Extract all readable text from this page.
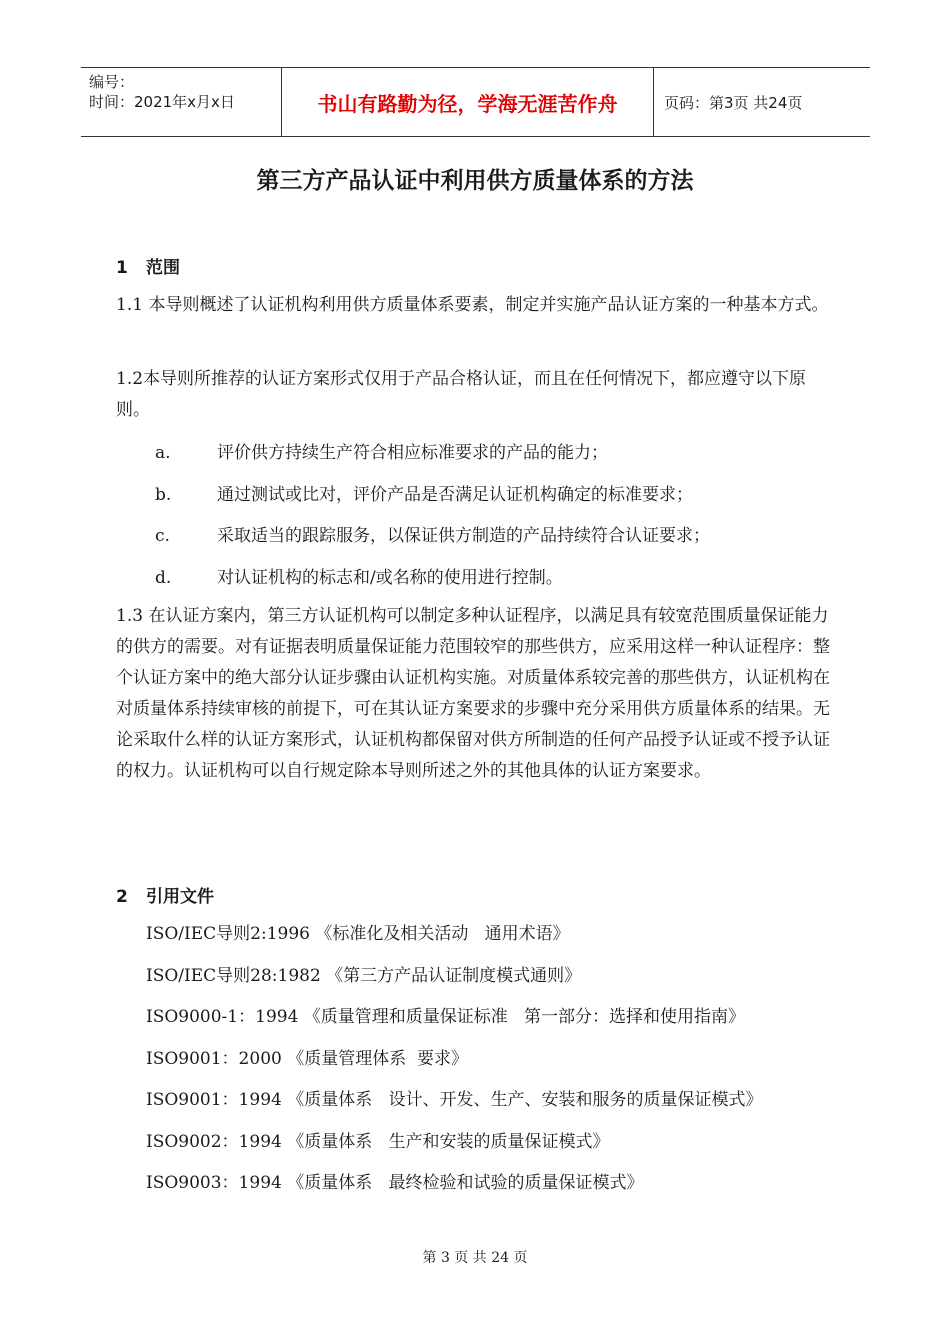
编号：
时间：2021年x月x日	书山有路勤为径，学海无涯苦作舟	页码：第3页 共24页
第三方产品认证中利用供方质量体系的方法
1 范围

1.1 本导则概述了认证机构利用供方质量体系要素，制定并实施产品认证方案的一种基本方式。

1.2本导则所推荐的认证方案形式仅用于产品合格认证，而且在任何情况下，都应遵守以下原则。

a.	评价供方持续生产符合相应标准要求的产品的能力；
b.	通过测试或比对，评价产品是否满足认证机构确定的标准要求；
c.	采取适当的跟踪服务，以保证供方制造的产品持续符合认证要求；
d.	对认证机构的标志和/或名称的使用进行控制。

1.3 在认证方案内，第三方认证机构可以制定多种认证程序，以满足具有较宽范围质量保证能力的供方的需要。对有证据表明质量保证能力范围较窄的那些供方，应采用这样一种认证程序：整个认证方案中的绝大部分认证步骤由认证机构实施。对质量体系较完善的那些供方，认证机构在对质量体系持续审核的前提下，可在其认证方案要求的步骤中充分采用供方质量体系的结果。无论采取什么样的认证方案形式，认证机构都保留对供方所制造的任何产品授予认证或不授予认证的权力。认证机构可以自行规定除本导则所述之外的其他具体的认证方案要求。

2 引用文件
ISO/IEC导则2:1996 《标准化及相关活动   通用术语》
ISO/IEC导则28:1982 《第三方产品认证制度模式通则》
ISO9000-1：1994 《质量管理和质量保证标准   第一部分：选择和使用指南》
ISO9001：2000 《质量管理体系  要求》
ISO9001：1994 《质量体系   设计、开发、生产、安装和服务的质量保证模式》
ISO9002：1994 《质量体系   生产和安装的质量保证模式》
ISO9003：1994 《质量体系   最终检验和试验的质量保证模式》
第 3 页 共 24 页
